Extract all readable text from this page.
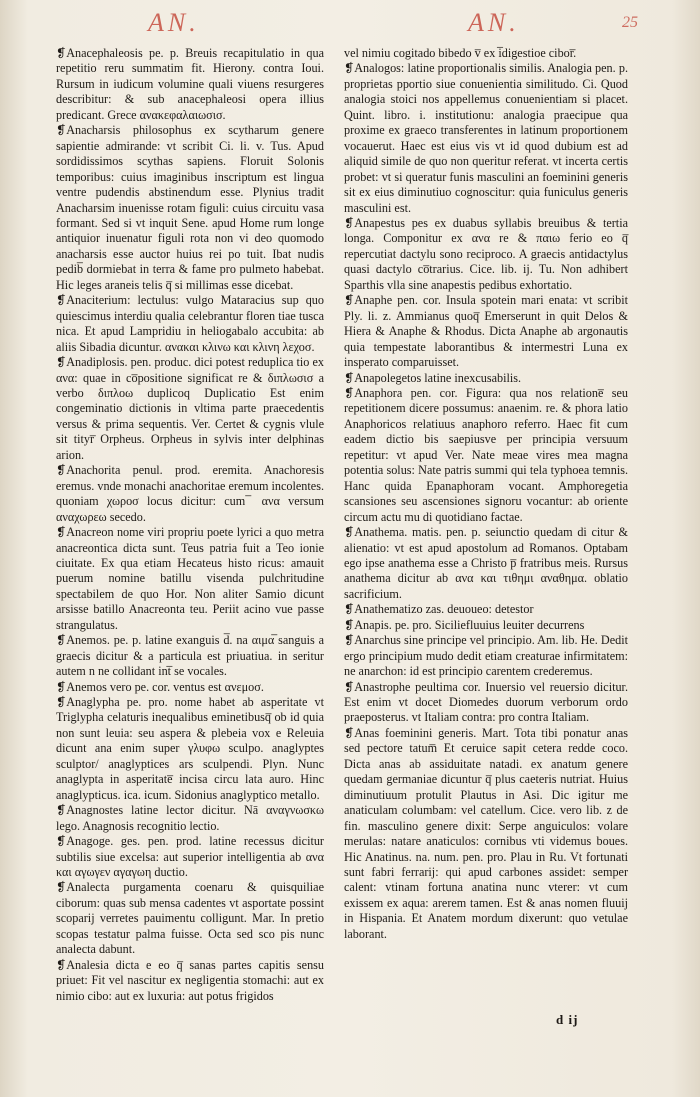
AN.	AN.	25

❡Anacephaleosis pe. p. Breuis recapitulatio in qua repetitio reru summatim fit. Hierony. contra Ioui. Rursum in iudicum volumine quali viuens resurgeres describitur: & sub anacephaleosi opera illius predicant. Grece ανακεφαλαιωσισ.

❡Anacharsis philosophus ex scytharum genere sapientie admirande: vt scribit Ci. li. v. Tus. Apud sordidissimos scythas sapiens. Floruit Solonis temporibus: cuius imaginibus inscriptum est lingua ventre pudendis abstinendum esse. Plynius tradit Anacharsim inuenisse rotam figuli: cuius circuitu vasa formant. Sed si vt inquit Sene. apud Home rum longe antiquior inuenatur figuli rota non vi deo quomodo anacharsis esse auctor huius rei po tuit. Ibat nudis pedib̅ dormiebat in terra & fame pro pulmeto habebat. Hic leges araneis telis q̅ si millimas esse dicebat.

❡Anaciterium: lectulus: vulgo Mataracius sup quo quiescimus interdiu qualia celebrantur floren tiae tusca nica. Et apud Lampridiu in heliogabalo accubita: ab aliis Sibadia dicuntur. ανακαι κλινω και κλινη λεχοσ.

❡Anadiplosis. pen. produc. dici potest reduplica tio ex ανα: quae in co̅positione significat re & διπλωσισ a verbo διπλοω duplicoq Duplicatio Est enim congeminatio dictionis in vltima parte praecedentis versus & prima sequentis. Ver. Certet & cygnis vlule sit tityr̅ Orpheus. Orpheus in sylvis inter delphinas arion.

❡Anachorita penul. prod. eremita. Anachoresis eremus. vnde monachi anachoritae eremum incolentes. quoniam χωροσ locus dicitur: cum ̅ ανα versum αναχωρεω secedo.

❡Anacreon nome viri propriu poete lyrici a quo metra anacreontica dicta sunt. Teus patria fuit a Teo ionie ciuitate. Ex qua etiam Hecateus histo ricus: amauit puerum nomine batillu visenda pulchritudine spectabilem de quo Hor. Non aliter Samio dicunt arsisse batillo Anacreonta teu. Periit acino vue passe strangulatus.

❡Anemos. pe. p. latine exanguis d̅. na αιμα̅ sanguis a graecis dicitur & a particula est priuatiua. in seritur autem n ne collidant int̅ se vocales.

❡Anemos vero pe. cor. ventus est ανεμοσ.

❡Anaglypha pe. pro. nome habet ab asperitate vt Triglypha celaturis inequalibus eminetibusq̅ ob id quia non sunt leuia: seu aspera & plebeia vox e Releuia dicunt ana enim super γλυφω sculpo. anaglyptes sculptor/ anaglyptices ars sculpendi. Plyn. Nunc anaglypta in asperitate̅ incisa circu lata auro. Hinc anaglypticus. ica. icum. Sidonius anaglyptico metallo.

❡Anagnostes latine lector dicitur. Nā αναγνωσκω lego. Anagnosis recognitio lectio.

❡Anagoge. ges. pen. prod. latine recessus dicitur subtilis siue excelsa: aut superior intelligentia ab ανα και αγωγεν αγαγωη ductio.

❡Analecta purgamenta coenaru & quisquiliae ciborum: quas sub mensa cadentes vt asportate possint scoparij verretes pauimentu colligunt. Mar. In pretio scopas testatur palma fuisse. Octa sed sco pis nunc analecta dabunt.

❡Analesia dicta e eo q̅ sanas partes capitis sensu priuet: Fit vel nascitur ex negligentia stomachi: aut ex nimio cibo: aut ex luxuria: aut potus frigidos

vel nimiu cogitado bibedo v̅ ex i̅digestioe cibor̅.

❡Analogos: latine proportionalis similis. Analogia pen. p. proprietas pportio siue conuenientia similitudo. Ci. Quod analogia stoici nos appellemus conuenientiam si placet. Quint. libro. i. institutionu: analogia praecipue qua proxime ex graeco transferentes in latinum proportionem vocauerut. Haec est eius vis vt id quod dubium est ad aliquid simile de quo non queritur referat. vt incerta certis probet: vt si queratur funis masculini an foeminini generis sit ex eius diminutiuo cognoscitur: quia funiculus generis masculini est.

❡Anapestus pes ex duabus syllabis breuibus & tertia longa. Componitur ex ανα re & παιω ferio eo q̅ repercutiat dactylu sono reciproco. A graecis antidactylus quasi dactylo co̅trarius. Cice. lib. ij. Tu. Non adhibert Sparthis vlla sine anapestis pedibus exhortatio.

❡Anaphe pen. cor. Insula spotein mari enata: vt scribit Ply. li. z. Ammianus quoq̅ Emerserunt in quit Delos & Hiera & Anaphe & Rhodus. Dicta Anaphe ab argonautis quia tempestate laborantibus & intermestri Luna ex insperato comparuisset.

❡Anapolegetos latine inexcusabilis.

❡Anaphora pen. cor. Figura: qua nos relatione̅ seu repetitionem dicere possumus: anaenim. re. & phora latio Anaphoricos relatiuus anaphoro referro. Haec fit cum eadem dictio bis saepiusve per principia versuum repetitur: vt apud Ver. Nate meae vires mea magna potentia solus: Nate patris summi qui tela typhoea temnis. Hanc quida Epanaphoram vocant. Amphoregetia scansiones seu ascensiones signoru vocantur: ab oriente circum actu mu di quotidiano factae.

❡Anathema. matis. pen. p. seiunctio quedam di citur & alienatio: vt est apud apostolum ad Romanos. Optabam ego ipse anathema esse a Christo p̅ fratribus meis. Rursus anathema dicitur ab ανα και τιθημι αναθημα. oblatio sacrificium.

❡Anathematizo zas. deuoueo: detestor

❡Anapis. pe. pro. Siciliefluuius leuiter decurrens

❡Anarchus sine principe vel principio. Am. lib. He. Dedit ergo principium mudo dedit etiam creaturae infirmitatem: ne anarchon: id est principio carentem crederemus.

❡Anastrophe peultima cor. Inuersio vel reuersio dicitur. Est enim vt docet Diomedes duorum verborum ordo praeposterus. vt Italiam contra: pro contra Italiam.

❡Anas foeminini generis. Mart. Tota tibi ponatur anas sed pectore tatum̅ Et ceruice sapit cetera redde coco. Dicta anas ab assiduitate natadi. ex anatum genere quedam germaniae dicuntur q̅ plus caeteris nutriat. Huius diminutiuum protulit Plautus in Asi. Dic igitur me anaticulam columbam: vel catellum. Cice. vero lib. z de fin. masculino genere dixit: Serpe anguiculos: volare merulas: natare anaticulos: cornibus vti videmus boues. Hic Anatinus. na. num. pen. pro. Plau in Ru. Vt fortunati sunt fabri ferrarij: qui apud carbones assidet: semper calent: vtinam fortuna anatina nunc vterer: vt cum exissem ex aqua: arerem tamen. Est & anas nomen fluuij in Hispania. Et Anatem mordum dixerunt: quo vetulae laborant.

d ij
